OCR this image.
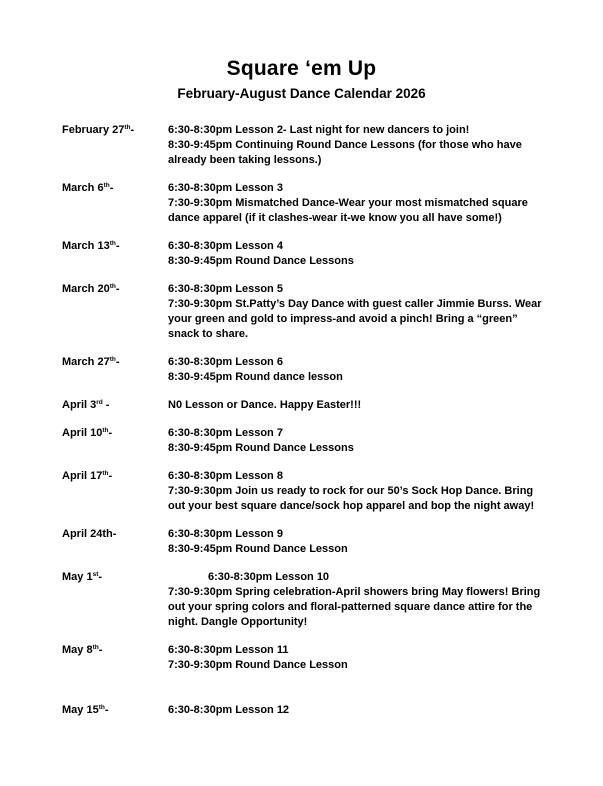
Square ‘em Up
February-August Dance Calendar 2026
February 27th-	6:30-8:30pm Lesson 2- Last night for new dancers to join!
8:30-9:45pm Continuing Round Dance Lessons (for those who have already been taking lessons.)
March 6th-	6:30-8:30pm Lesson 3
7:30-9:30pm Mismatched Dance-Wear your most mismatched square dance apparel (if it clashes-wear it-we know you all have some!)
March 13th-	6:30-8:30pm Lesson 4
8:30-9:45pm Round Dance Lessons
March 20th-	6:30-8:30pm Lesson 5
7:30-9:30pm St.Patty’s Day Dance with guest caller Jimmie Burss. Wear your green and gold to impress-and avoid a pinch! Bring a “green” snack to share.
March 27th-	6:30-8:30pm Lesson 6
8:30-9:45pm Round dance lesson
April 3rd -	N0 Lesson or Dance. Happy Easter!!!
April 10th-	6:30-8:30pm Lesson 7
8:30-9:45pm Round Dance Lessons
April 17th-	6:30-8:30pm Lesson 8
7:30-9:30pm Join us ready to rock for our 50’s Sock Hop Dance. Bring out your best square dance/sock hop apparel and bop the night away!
April 24th-	6:30-8:30pm Lesson 9
8:30-9:45pm Round Dance Lesson
May 1st-	6:30-8:30pm Lesson 10
7:30-9:30pm Spring celebration-April showers bring May flowers! Bring out your spring colors and floral-patterned square dance attire for the night. Dangle Opportunity!
May 8th-	6:30-8:30pm Lesson 11
7:30-9:30pm Round Dance Lesson
May 15th-	6:30-8:30pm Lesson 12
